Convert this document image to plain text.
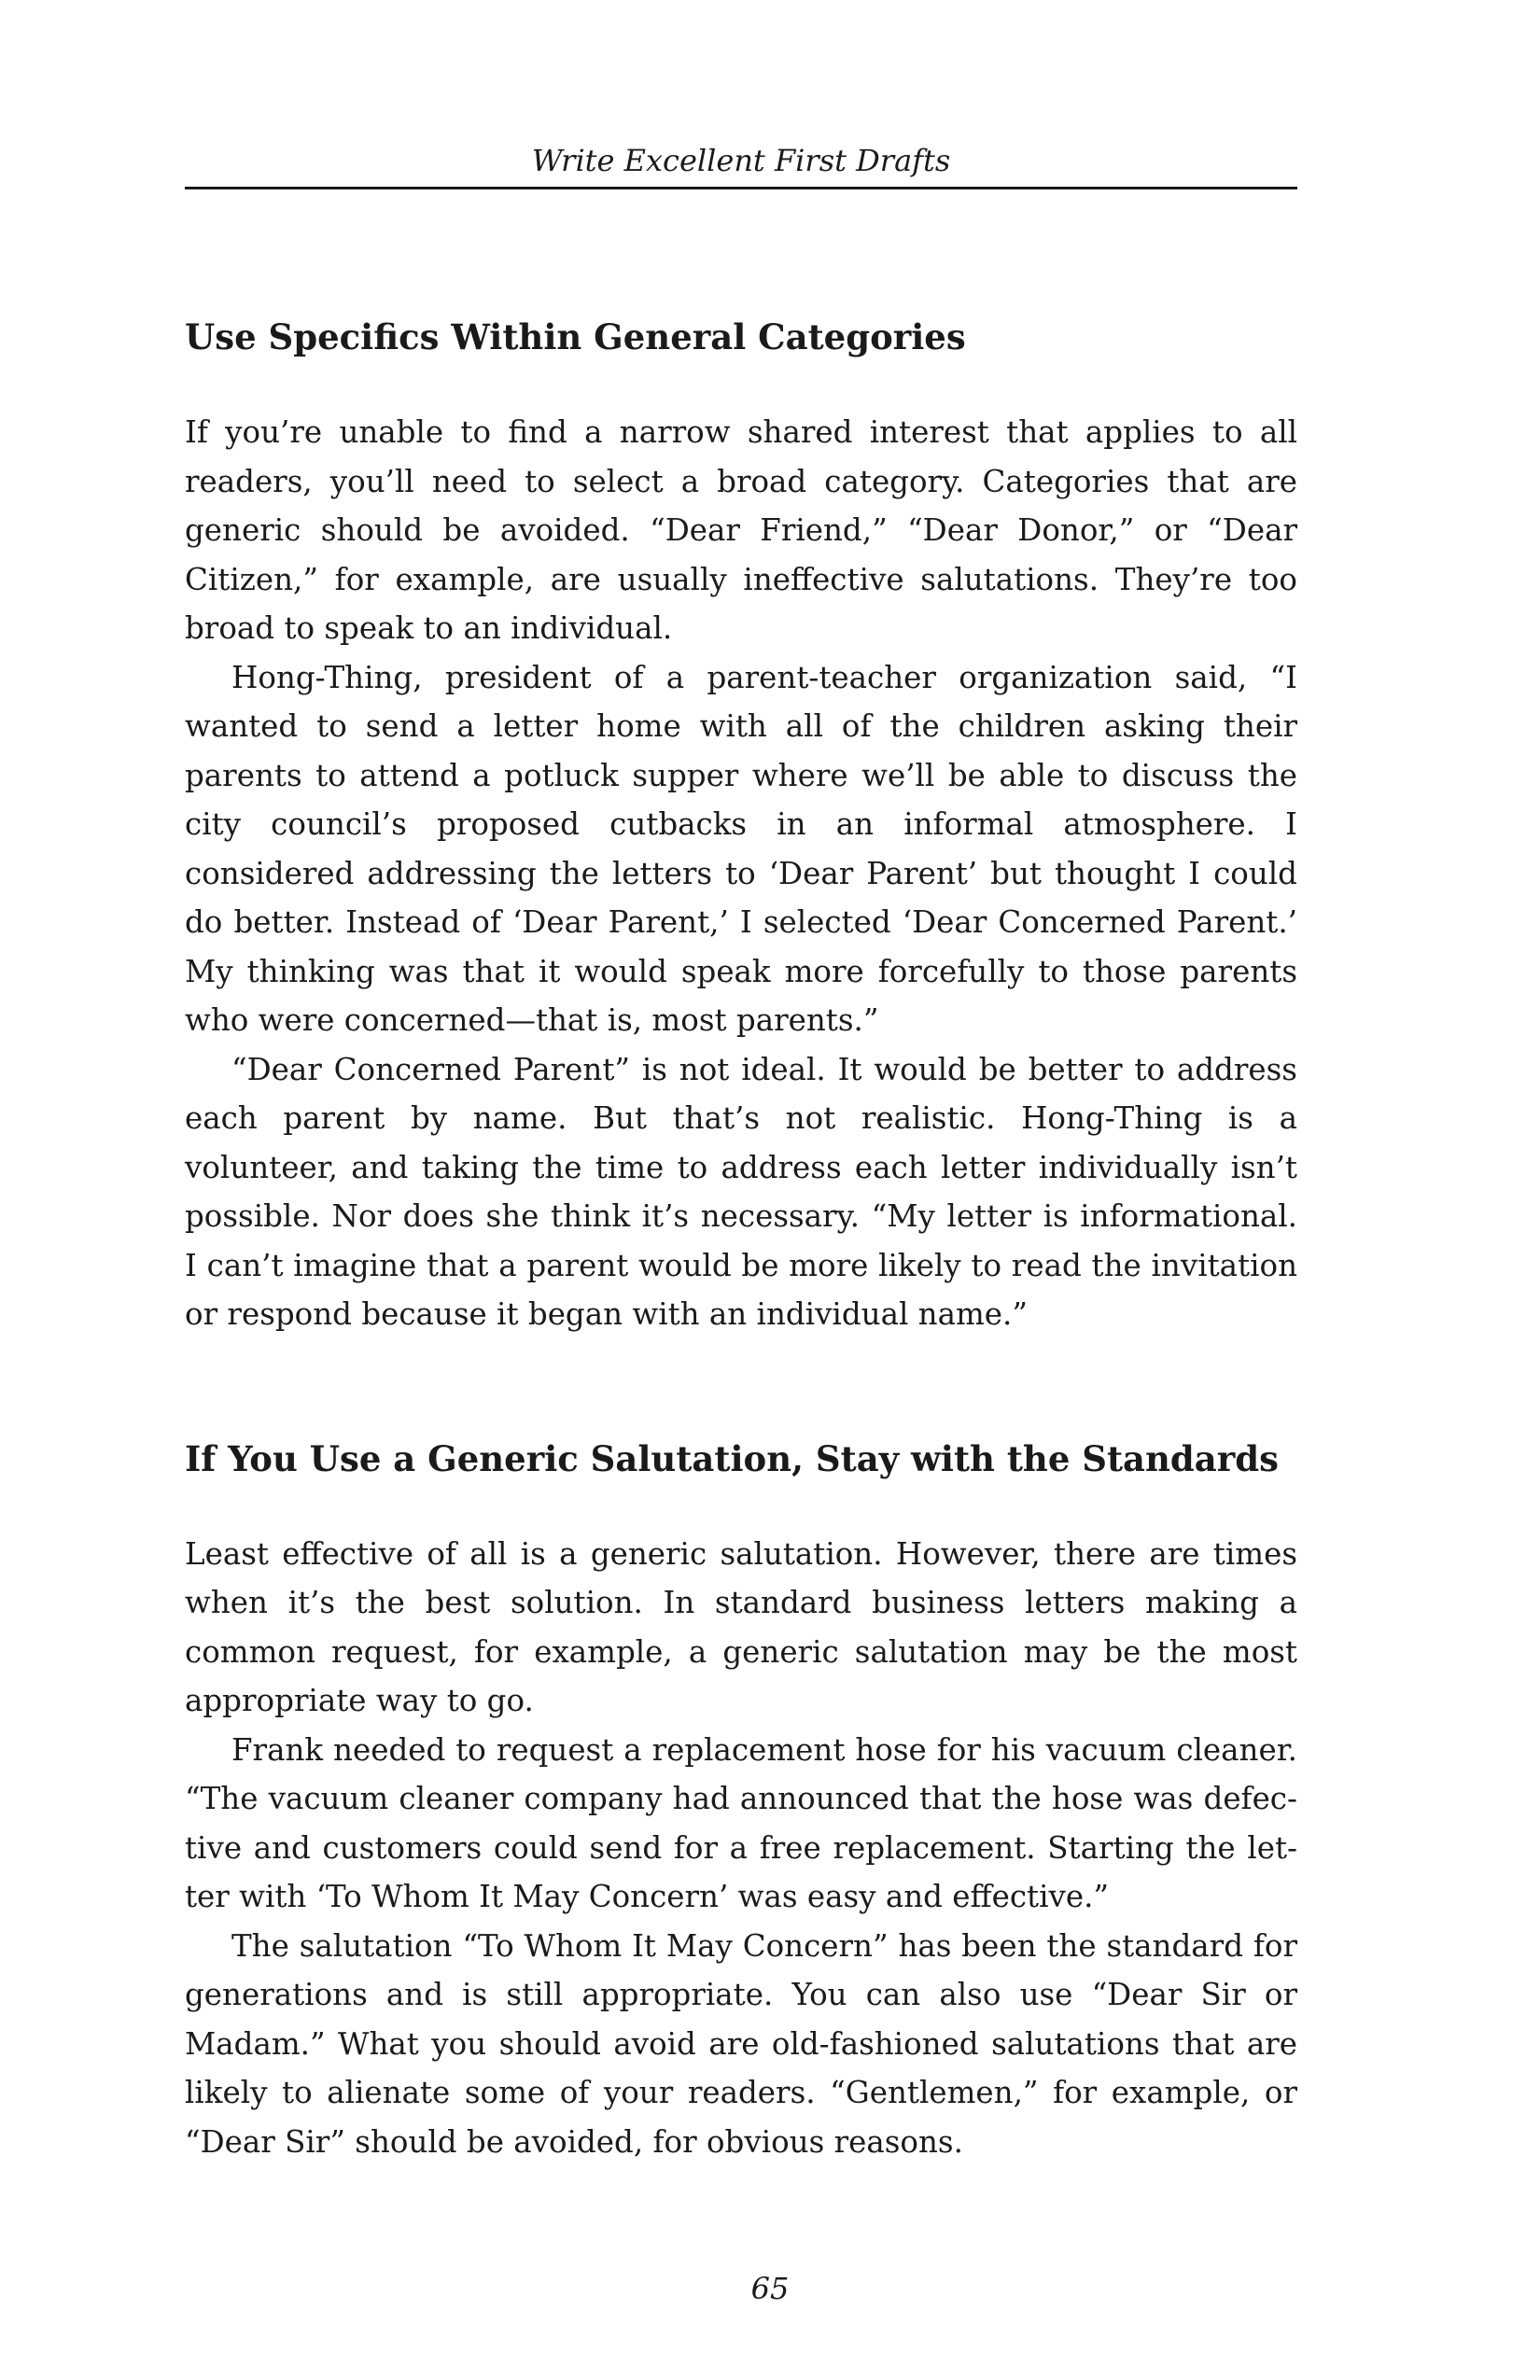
Write Excellent First Drafts
Use Specifics Within General Categories

If you’re unable to find a narrow shared interest that applies to all readers, you’ll need to select a broad category. Categories that are generic should be avoided. “Dear Friend,” “Dear Donor,” or “Dear Citizen,” for example, are usually ineffective salutations. They’re too broad to speak to an individual.

Hong-Thing, president of a parent-teacher organization said, “I wanted to send a letter home with all of the children asking their parents to attend a potluck supper where we’ll be able to discuss the city council’s proposed cutbacks in an informal atmosphere. I considered addressing the letters to ‘Dear Parent’ but thought I could do better. Instead of ‘Dear Parent,’ I selected ‘Dear Concerned Parent.’ My thinking was that it would speak more forcefully to those parents who were concerned—that is, most parents.”

“Dear Concerned Parent” is not ideal. It would be better to address each parent by name. But that’s not realistic. Hong-Thing is a volunteer, and taking the time to address each letter individually isn’t possible. Nor does she think it’s necessary. “My letter is informational. I can’t imagine that a parent would be more likely to read the invitation or respond because it began with an individual name.”

If You Use a Generic Salutation, Stay with the Standards

Least effective of all is a generic salutation. However, there are times when it’s the best solution. In standard business letters making a common request, for example, a generic salutation may be the most appropriate way to go.

Frank needed to request a replacement hose for his vacuum cleaner. “The vacuum cleaner company had announced that the hose was defective and customers could send for a free replacement. Starting the letter with ‘To Whom It May Concern’ was easy and effective.”

The salutation “To Whom It May Concern” has been the standard for generations and is still appropriate. You can also use “Dear Sir or Madam.” What you should avoid are old-fashioned salutations that are likely to alienate some of your readers. “Gentlemen,” for example, or “Dear Sir” should be avoided, for obvious reasons.

65
